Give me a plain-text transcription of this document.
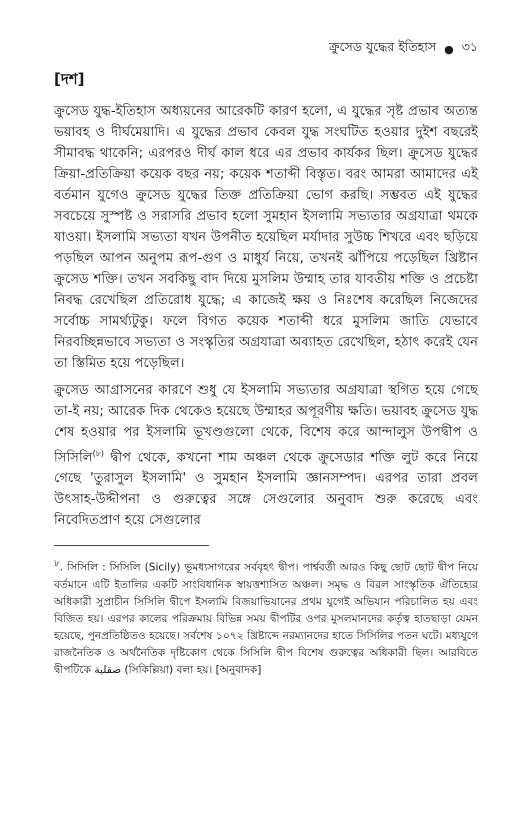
ক্রুসেড যুদ্ধের ইতিহাস ● ৩১
[দশ]

ক্রুসেড যুদ্ধ-ইতিহাস অধ্যয়নের আরেকটি কারণ হলো, এ যুদ্ধের সৃষ্ট প্রভাব অত্যন্ত ভয়াবহ ও দীর্ঘমেয়াদি। এ যুদ্ধের প্রভাব কেবল যুদ্ধ সংঘটিত হওয়ার দুইশ বছরেই সীমাবদ্ধ থাকেনি; এরপরও দীর্ঘ কাল ধরে এর প্রভাব কার্যকর ছিল। ক্রুসেড যুদ্ধের ক্রিয়া-প্রতিক্রিয়া কয়েক বছর নয়; কয়েক শতাব্দী বিস্তৃত। বরং আমরা আমাদের এই বর্তমান যুগেও ক্রুসেড যুদ্ধের তিক্ত প্রতিক্রিয়া ভোগ করছি। সম্ভবত এই যুদ্ধের সবচেয়ে সুস্পষ্ট ও সরাসরি প্রভাব হলো সুমহান ইসলামি সভ্যতার অগ্রযাত্রা থমকে যাওয়া। ইসলামি সভ্যতা যখন উপনীত হয়েছিল মর্যাদার সুউচ্চ শিখরে এবং ছড়িয়ে পড়ছিল আপন অনুপম রূপ-গুণ ও মাধুর্য নিয়ে, তখনই ঝাঁপিয়ে পড়েছিল খ্রিষ্টান ক্রুসেড শক্তি। তখন সবকিছু বাদ দিয়ে মুসলিম উম্মাহ তার যাবতীয় শক্তি ও প্রচেষ্টা নিবদ্ধ রেখেছিল প্রতিরোধ যুদ্ধে; এ কাজেই ক্ষয় ও নিঃশেষ করেছিল নিজেদের সর্বোচ্চ সামর্থ্যটুকু। ফলে বিগত কয়েক শতাব্দী ধরে মুসলিম জাতি যেভাবে নিরবচ্ছিন্নভাবে সভ্যতা ও সংস্কৃতির অগ্রযাত্রা অব্যাহত রেখেছিল, হঠাৎ করেই যেন তা স্তিমিত হয়ে পড়েছিল।

ক্রুসেড আগ্রাসনের কারণে শুধু যে ইসলামি সভ্যতার অগ্রযাত্রা স্থগিত হয়ে গেছে তা-ই নয়; আরেক দিক থেকেও হয়েছে উম্মাহর অপূরণীয় ক্ষতি। ভয়াবহ ক্রুসেড যুদ্ধ শেষ হওয়ার পর ইসলামি ভূখণ্ডগুলো থেকে, বিশেষ করে আন্দালুস উপদ্বীপ ও সিসিলি$^{(৮)}$ দ্বীপ থেকে, কখনো শাম অঞ্চল থেকে ক্রুসেডার শক্তি লুট করে নিয়ে গেছে 'তুরাসুল ইসলামি' ও সুমহান ইসলামি জ্ঞানসম্পদ। এরপর তারা প্রবল উৎসাহ-উদ্দীপনা ও গুরুত্বের সঙ্গে সেগুলোর অনুবাদ শুরু করেছে এবং নিবেদিতপ্রাণ হয়ে সেগুলোর

$^৮$. সিসিলি : সিসিলি (Sicily) ভূমধ্যসাগরের সর্ববৃহৎ দ্বীপ। পার্শ্ববর্তী আরও কিছু ছোট ছোট দ্বীপ নিয়ে বর্তমানে এটি ইতালির একটি সাংবিধানিক স্বায়ত্তশাসিত অঞ্চল। সমৃদ্ধ ও বিরল সাংস্কৃতিক ঐতিহ্যের অধিকারী সুপ্রাচীন সিসিলি দ্বীপে ইসলামি বিজয়াভিযানের প্রথম যুগেই অভিযান পরিচালিত হয় এবং বিজিত হয়। এরপর কালের পরিক্রমায় বিভিন্ন সময় দ্বীপটির ওপর মুসলমানদের কর্তৃত্ব হাতছাড়া যেমন হয়েছে, পুনপ্রতিষ্ঠিতও হয়েছে। সর্বশেষ ১০৭২ খ্রিষ্টাব্দে নরম্যানদের হাতে সিসিলির পতন ঘটে। মধ্যযুগে রাজনৈতিক ও অর্থনৈতিক দৃষ্টিকোণ থেকে সিসিলি দ্বীপ বিশেষ গুরুত্বের অধিকারী ছিল। আরবিতে দ্বীপটিকে صقلية (সিকিল্লিয়া) বলা হয়। [অনুবাদক]
